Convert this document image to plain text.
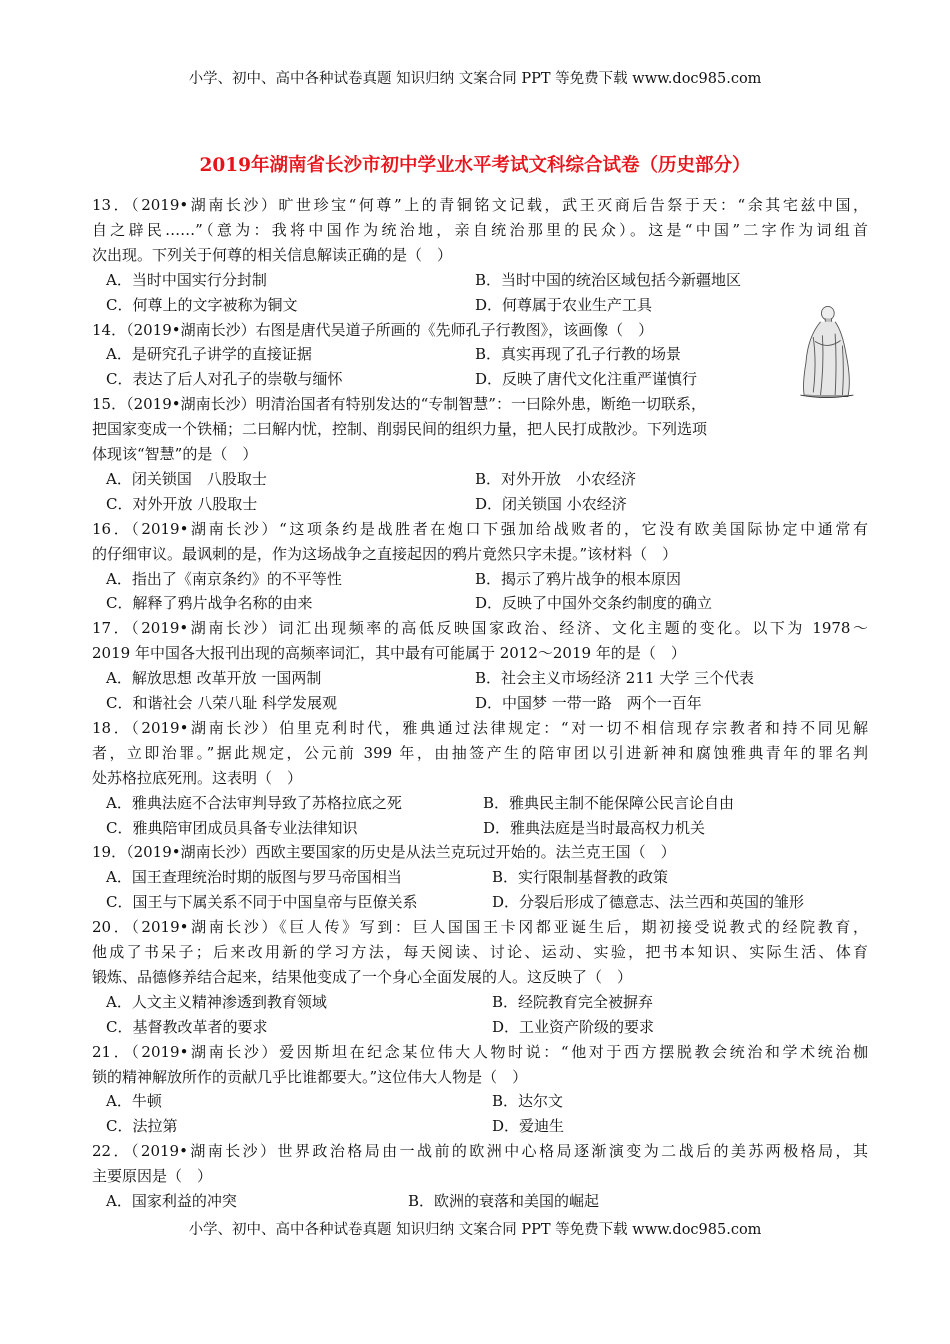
小学、初中、高中各种试卷真题 知识归纳 文案合同 PPT 等免费下载 www.doc985.com
2019年湖南省长沙市初中学业水平考试文科综合试卷（历史部分）
13．（2019•湖南长沙）旷世珍宝“何尊”上的青铜铭文记载，武王灭商后告祭于天：“余其宅兹中国，
自之辟民……”（意为：我将中国作为统治地，亲自统治那里的民众）。这是“中国”二字作为词组首
次出现。下列关于何尊的相关信息解读正确的是（　）
A．当时中国实行分封制	B．当时中国的统治区域包括今新疆地区
C．何尊上的文字被称为铜文	D．何尊属于农业生产工具
14．（2019•湖南长沙）右图是唐代吴道子所画的《先师孔子行教图》，该画像（　）
A．是研究孔子讲学的直接证据	B．真实再现了孔子行教的场景
C．表达了后人对孔子的崇敬与缅怀	D．反映了唐代文化注重严谨慎行
15．（2019•湖南长沙）明清治国者有特别发达的“专制智慧”：一曰除外患，断绝一切联系，
把国家变成一个铁桶；二曰解内忧，控制、削弱民间的组织力量，把人民打成散沙。下列选项
体现该“智慧”的是（　）
A．闭关锁国　八股取士	B．对外开放　小农经济
C．对外开放 八股取士	D．闭关锁国 小农经济
16．（2019•湖南长沙）“这项条约是战胜者在炮口下强加给战败者的，它没有欧美国际协定中通常有
的仔细审议。最讽刺的是，作为这场战争之直接起因的鸦片竟然只字未提。”该材料（　）
A．指出了《南京条约》的不平等性	B．揭示了鸦片战争的根本原因
C．解释了鸦片战争名称的由来	D．反映了中国外交条约制度的确立
17．（2019•湖南长沙）词汇出现频率的高低反映国家政治、经济、文化主题的变化。以下为 1978～
2019 年中国各大报刊出现的高频率词汇，其中最有可能属于 2012～2019 年的是（　）
A．解放思想 改革开放 一国两制	B．社会主义市场经济 211 大学 三个代表
C．和谐社会 八荣八耻 科学发展观	D．中国梦 一带一路　两个一百年
18．（2019•湖南长沙）伯里克利时代，雅典通过法律规定：“对一切不相信现存宗教者和持不同见解
者，立即治罪。”据此规定，公元前 399 年，由抽签产生的陪审团以引进新神和腐蚀雅典青年的罪名判
处苏格拉底死刑。这表明（　）
A．雅典法庭不合法审判导致了苏格拉底之死	B．雅典民主制不能保障公民言论自由
C．雅典陪审团成员具备专业法律知识	D．雅典法庭是当时最高权力机关
19．（2019•湖南长沙）西欧主要国家的历史是从法兰克玩过开始的。法兰克王国（　）
A．国王查理统治时期的版图与罗马帝国相当	B．实行限制基督教的政策
C．国王与下属关系不同于中国皇帝与臣僚关系	D．分裂后形成了德意志、法兰西和英国的雏形
20．（2019•湖南长沙）《巨人传》写到：巨人国国王卡冈都亚诞生后，期初接受说教式的经院教育，
他成了书呆子；后来改用新的学习方法，每天阅读、讨论、运动、实验，把书本知识、实际生活、体育
锻炼、品德修养结合起来，结果他变成了一个身心全面发展的人。这反映了（　）
A．人文主义精神渗透到教育领域	B．经院教育完全被摒弃
C．基督教改革者的要求	D．工业资产阶级的要求
21．（2019•湖南长沙）爱因斯坦在纪念某位伟大人物时说：“他对于西方摆脱教会统治和学术统治枷
锁的精神解放所作的贡献几乎比谁都要大。”这位伟大人物是（　）
A．牛顿	B．达尔文
C．法拉第	D．爱迪生
22．（2019•湖南长沙）世界政治格局由一战前的欧洲中心格局逐渐演变为二战后的美苏两极格局，其
主要原因是（　）
A．国家利益的冲突	B．欧洲的衰落和美国的崛起
小学、初中、高中各种试卷真题 知识归纳 文案合同 PPT 等免费下载 www.doc985.com
